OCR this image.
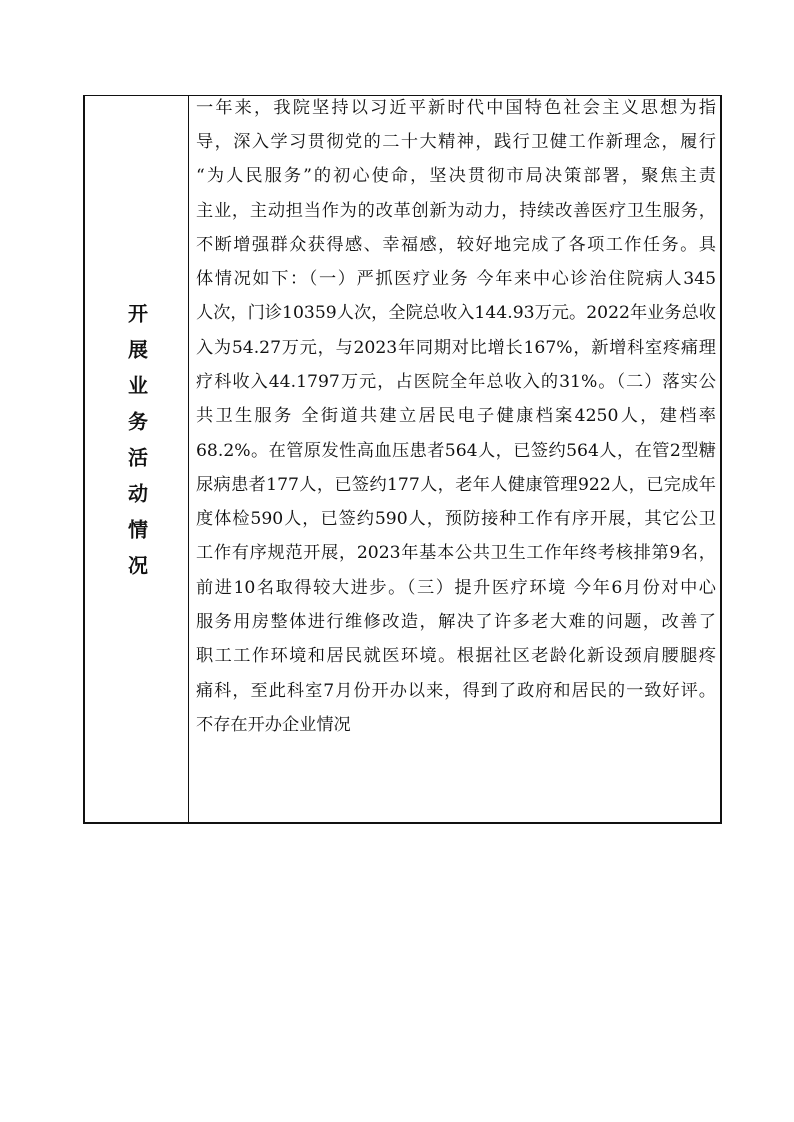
开展业务活动情况
一年来，我院坚持以习近平新时代中国特色社会主义思想为指
导，深入学习贯彻党的二十大精神，践行卫健工作新理念，履行
“为人民服务”的初心使命，坚决贯彻市局决策部署，聚焦主责
主业，主动担当作为的改革创新为动力，持续改善医疗卫生服务，
不断增强群众获得感、幸福感，较好地完成了各项工作任务。具
体情况如下：（一）严抓医疗业务 今年来中心诊治住院病人345
人次，门诊10359人次，全院总收入144.93万元。2022年业务总收
入为54.27万元，与2023年同期对比增长167%，新增科室疼痛理
疗科收入44.1797万元，占医院全年总收入的31%。（二）落实公
共卫生服务 全街道共建立居民电子健康档案4250人，建档率
68.2%。在管原发性高血压患者564人，已签约564人，在管2型糖
尿病患者177人，已签约177人，老年人健康管理922人，已完成年
度体检590人，已签约590人，预防接种工作有序开展，其它公卫
工作有序规范开展，2023年基本公共卫生工作年终考核排第9名，
前进10名取得较大进步。（三）提升医疗环境 今年6月份对中心
服务用房整体进行维修改造，解决了许多老大难的问题，改善了
职工工作环境和居民就医环境。根据社区老龄化新设颈肩腰腿疼
痛科，至此科室7月份开办以来，得到了政府和居民的一致好评。
不存在开办企业情况
